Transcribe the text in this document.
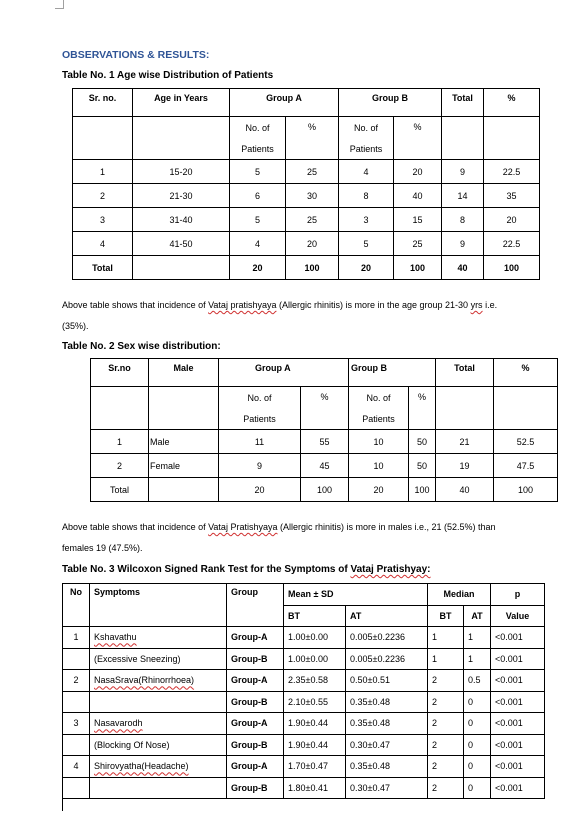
OBSERVATIONS & RESULTS:
Table No. 1 Age wise Distribution of Patients
Sr. no.	Age in Years	Group A		Group B		Total	%
		No. of	%	No. of	%		
		Patients		Patients			
1	15-20	5	25	4	20	9	22.5
2	21-30	6	30	8	40	14	35
3	31-40	5	25	3	15	8	20
4	41-50	4	20	5	25	9	22.5
Total		20	100	20	100	40	100
Above table shows that incidence of Vataj pratishyaya (Allergic rhinitis) is more in the age group 21-30 yrs i.e.
(35%).
Table No. 2 Sex wise distribution:
Sr.no	Male	Group A		Group B		Total	%
		No. of	%	No. of	%		
		Patients		Patients			
1	Male	11	55	10	50	21	52.5
2	Female	9	45	10	50	19	47.5
Total		20	100	20	100	40	100
Above table shows that incidence of Vataj Pratishyaya (Allergic rhinitis) is more in males i.e., 21 (52.5%) than
females 19 (47.5%).
Table No. 3 Wilcoxon Signed Rank Test for the Symptoms of Vataj Pratishyay:
No	Symptoms	Group	Mean ± SD		Median		p
			BT	AT	BT	AT	Value
1	Kshavathu	Group-A	1.00±0.00	0.005±0.2236	1	1	<0.001
	(Excessive Sneezing)	Group-B	1.00±0.00	0.005±0.2236	1	1	<0.001
2	NasaSrava(Rhinorrhoea)	Group-A	2.35±0.58	0.50±0.51	2	0.5	<0.001
		Group-B	2.10±0.55	0.35±0.48	2	0	<0.001
3	Nasavarodh	Group-A	1.90±0.44	0.35±0.48	2	0	<0.001
	(Blocking Of Nose)	Group-B	1.90±0.44	0.30±0.47	2	0	<0.001
4	Shirovyatha(Headache)	Group-A	1.70±0.47	0.35±0.48	2	0	<0.001
		Group-B	1.80±0.41	0.30±0.47	2	0	<0.001
